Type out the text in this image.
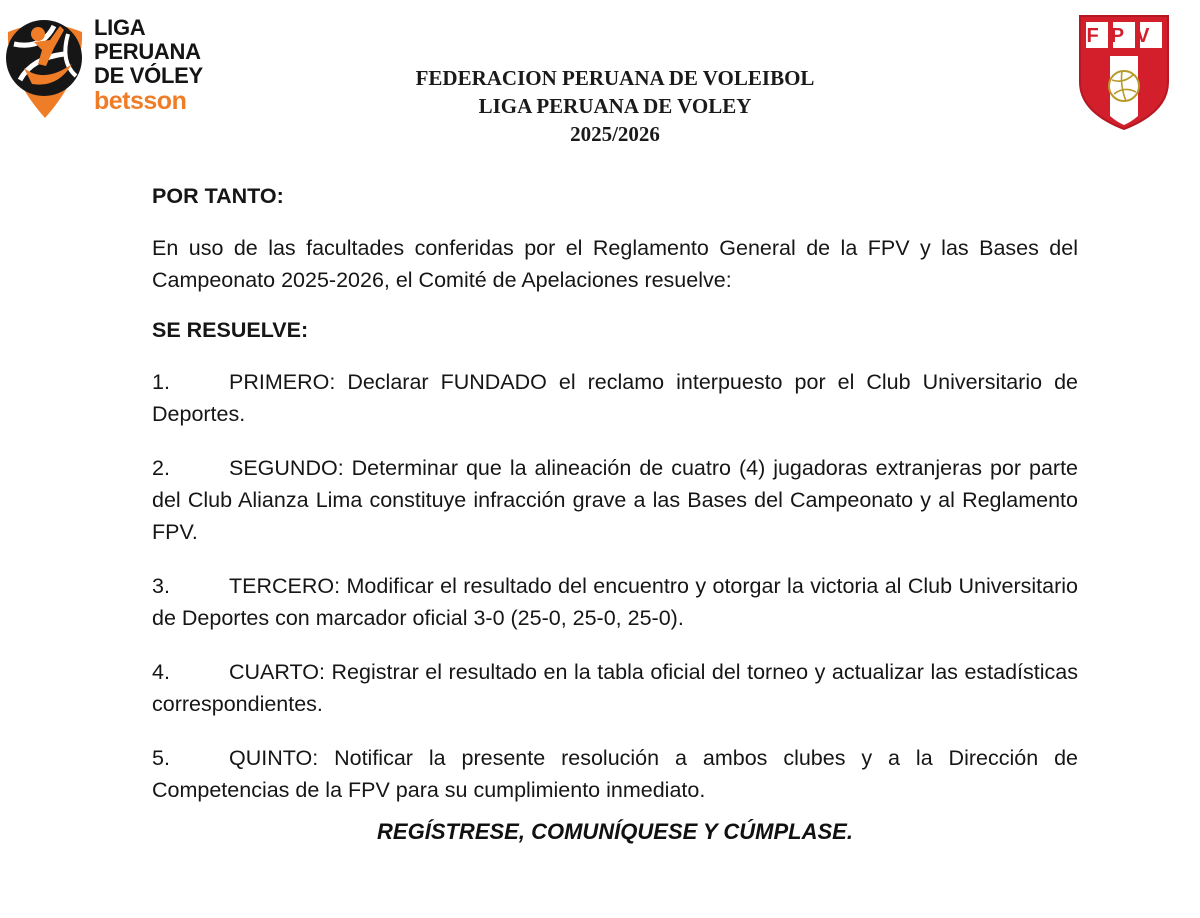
LIGA
PERUANA
DE VÓLEY
betsson
FEDERACION PERUANA DE VOLEIBOL
LIGA PERUANA DE VOLEY
2025/2026
FPV

POR TANTO:

En uso de las facultades conferidas por el Reglamento General de la FPV y las Bases del Campeonato 2025-2026, el Comité de Apelaciones resuelve:

SE RESUELVE:

1.	PRIMERO: Declarar FUNDADO el reclamo interpuesto por el Club Universitario de Deportes.

2.	SEGUNDO: Determinar que la alineación de cuatro (4) jugadoras extranjeras por parte del Club Alianza Lima constituye infracción grave a las Bases del Campeonato y al Reglamento FPV.

3.	TERCERO: Modificar el resultado del encuentro y otorgar la victoria al Club Universitario de Deportes con marcador oficial 3-0 (25-0, 25-0, 25-0).

4.	CUARTO: Registrar el resultado en la tabla oficial del torneo y actualizar las estadísticas correspondientes.

5.	QUINTO: Notificar la presente resolución a ambos clubes y a la Dirección de Competencias de la FPV para su cumplimiento inmediato.

REGÍSTRESE, COMUNÍQUESE Y CÚMPLASE.
